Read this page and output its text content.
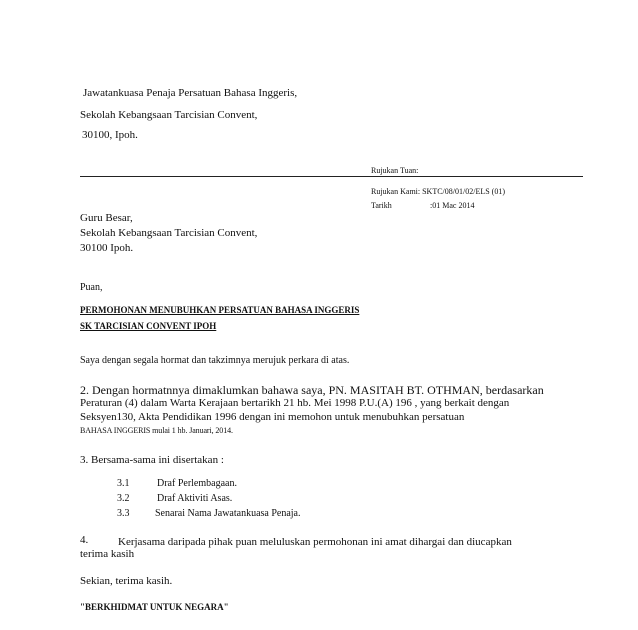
Jawatankuasa Penaja Persatuan Bahasa Inggeris,
Sekolah Kebangsaan Tarcisian Convent,
30100, Ipoh.
Rujukan Tuan:
Rujukan Kami: SKTC/08/01/02/ELS (01)
Tarikh	:01 Mac 2014
Guru Besar,
Sekolah Kebangsaan Tarcisian Convent,
30100 Ipoh.
Puan,
PERMOHONAN MENUBUHKAN PERSATUAN BAHASA INGGERIS
SK TARCISIAN CONVENT IPOH
Saya dengan segala hormat dan takzimnya merujuk perkara di atas.
2. Dengan hormatnnya dimaklumkan bahawa saya, PN. MASITAH BT. OTHMAN, berdasarkan
Peraturan (4) dalam Warta Kerajaan bertarikh 21 hb. Mei 1998 P.U.(A) 196 , yang berkait dengan
Seksyen130, Akta Pendidikan 1996 dengan ini memohon untuk menubuhkan persatuan
BAHASA INGGERIS mulai 1 hb. Januari, 2014.
3. Bersama-sama ini disertakan :
3.1	Draf Perlembagaan.
3.2	Draf Aktiviti Asas.
3.3	Senarai Nama Jawatankuasa Penaja.
4.	Kerjasama daripada pihak puan meluluskan permohonan ini amat dihargai dan diucapkan
terima kasih
Sekian, terima kasih.
"BERKHIDMAT UNTUK NEGARA"
